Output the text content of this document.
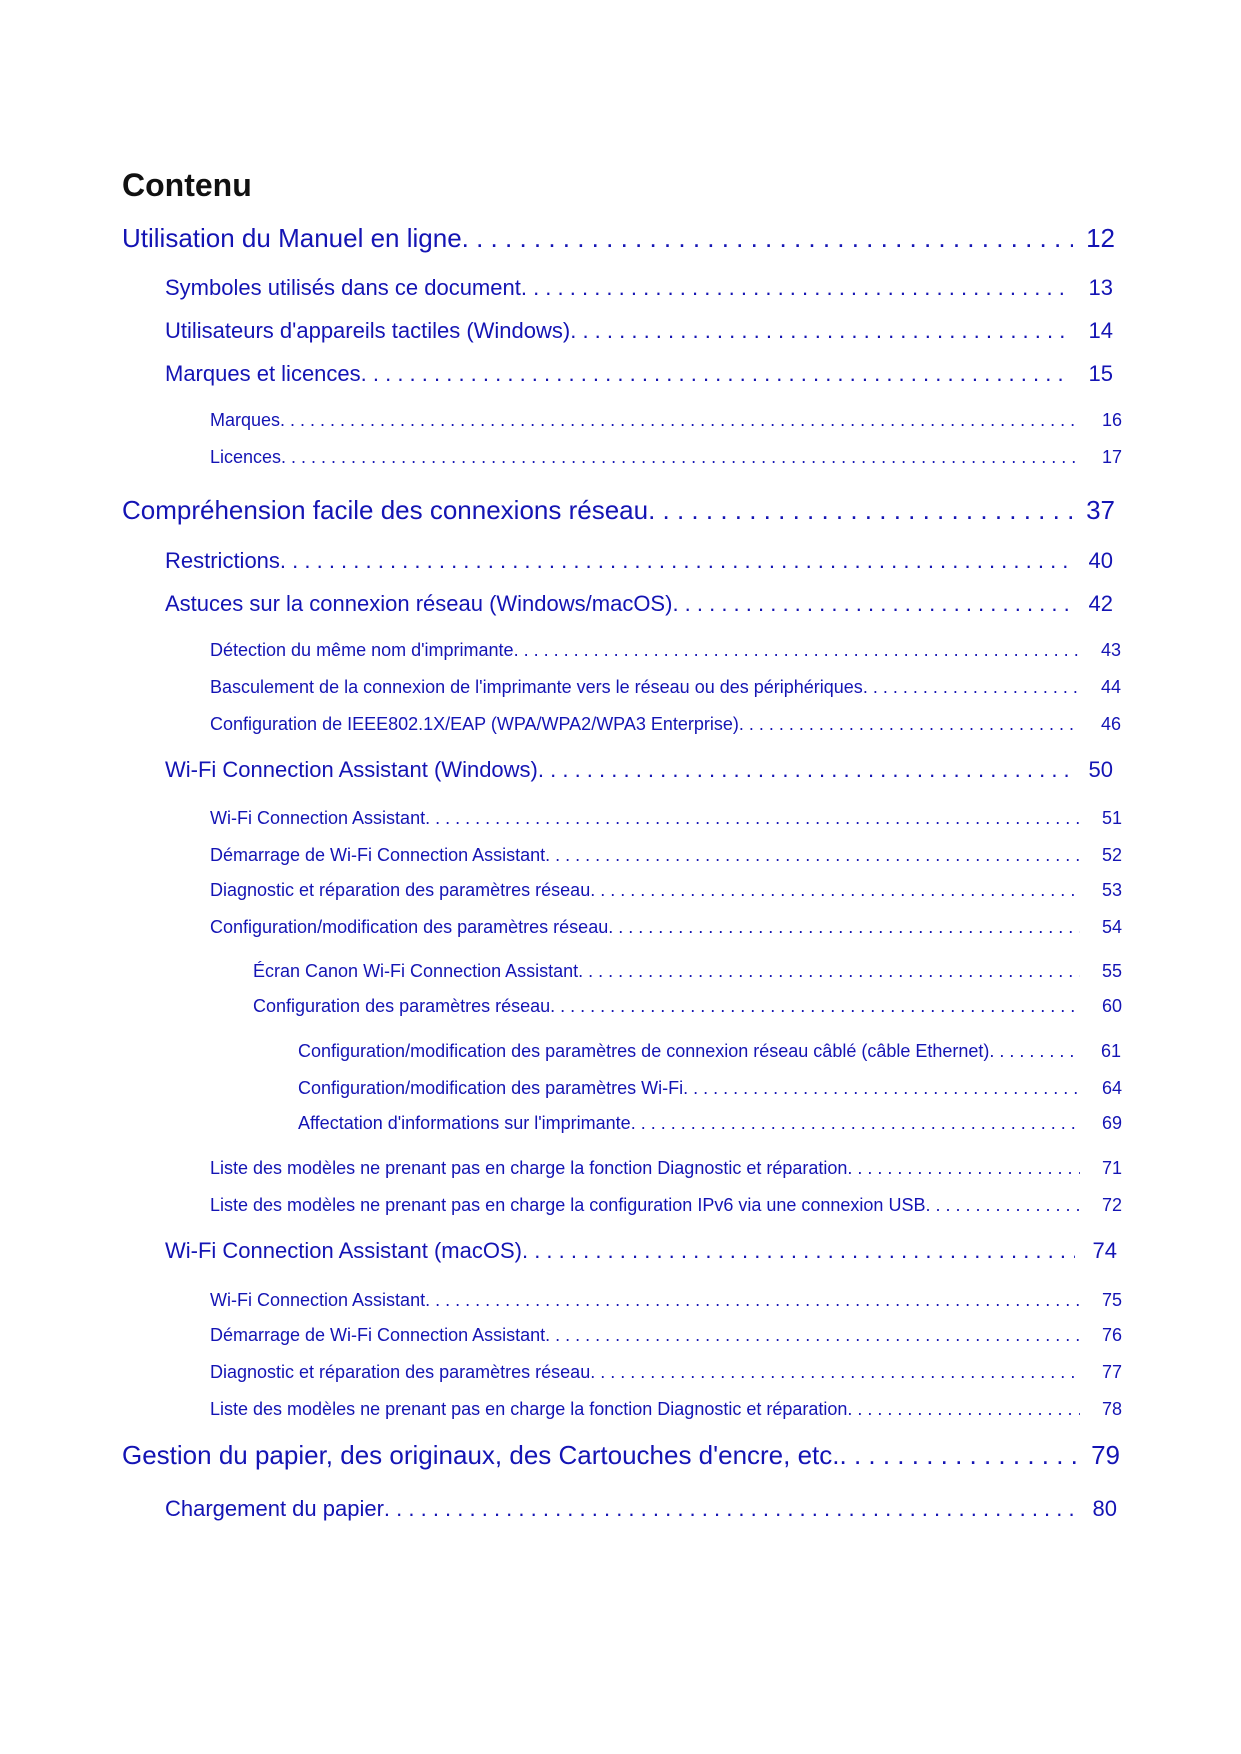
Contenu
Utilisation du Manuel en ligne . . .	12
Symboles utilisés dans ce document . . .	13
Utilisateurs d'appareils tactiles (Windows) . . .	14
Marques et licences . . .	15
Marques . . .	16
Licences . . .	17
Compréhension facile des connexions réseau . . .	37
Restrictions . . .	40
Astuces sur la connexion réseau (Windows/macOS) . . .	42
Détection du même nom d'imprimante . . .	43
Basculement de la connexion de l'imprimante vers le réseau ou des périphériques . . .	44
Configuration de IEEE802.1X/EAP (WPA/WPA2/WPA3 Enterprise) . . .	46
Wi-Fi Connection Assistant (Windows) . . .	50
Wi-Fi Connection Assistant . . .	51
Démarrage de Wi-Fi Connection Assistant . . .	52
Diagnostic et réparation des paramètres réseau . . .	53
Configuration/modification des paramètres réseau . . .	54
Écran Canon Wi-Fi Connection Assistant . . .	55
Configuration des paramètres réseau . . .	60
Configuration/modification des paramètres de connexion réseau câblé (câble Ethernet) . . .	61
Configuration/modification des paramètres Wi-Fi . . .	64
Affectation d'informations sur l'imprimante . . .	69
Liste des modèles ne prenant pas en charge la fonction Diagnostic et réparation . . .	71
Liste des modèles ne prenant pas en charge la configuration IPv6 via une connexion USB . . .	72
Wi-Fi Connection Assistant (macOS) . . .	74
Wi-Fi Connection Assistant . . .	75
Démarrage de Wi-Fi Connection Assistant . . .	76
Diagnostic et réparation des paramètres réseau . . .	77
Liste des modèles ne prenant pas en charge la fonction Diagnostic et réparation . . .	78
Gestion du papier, des originaux, des Cartouches d'encre, etc. . . .	79
Chargement du papier . . .	80
